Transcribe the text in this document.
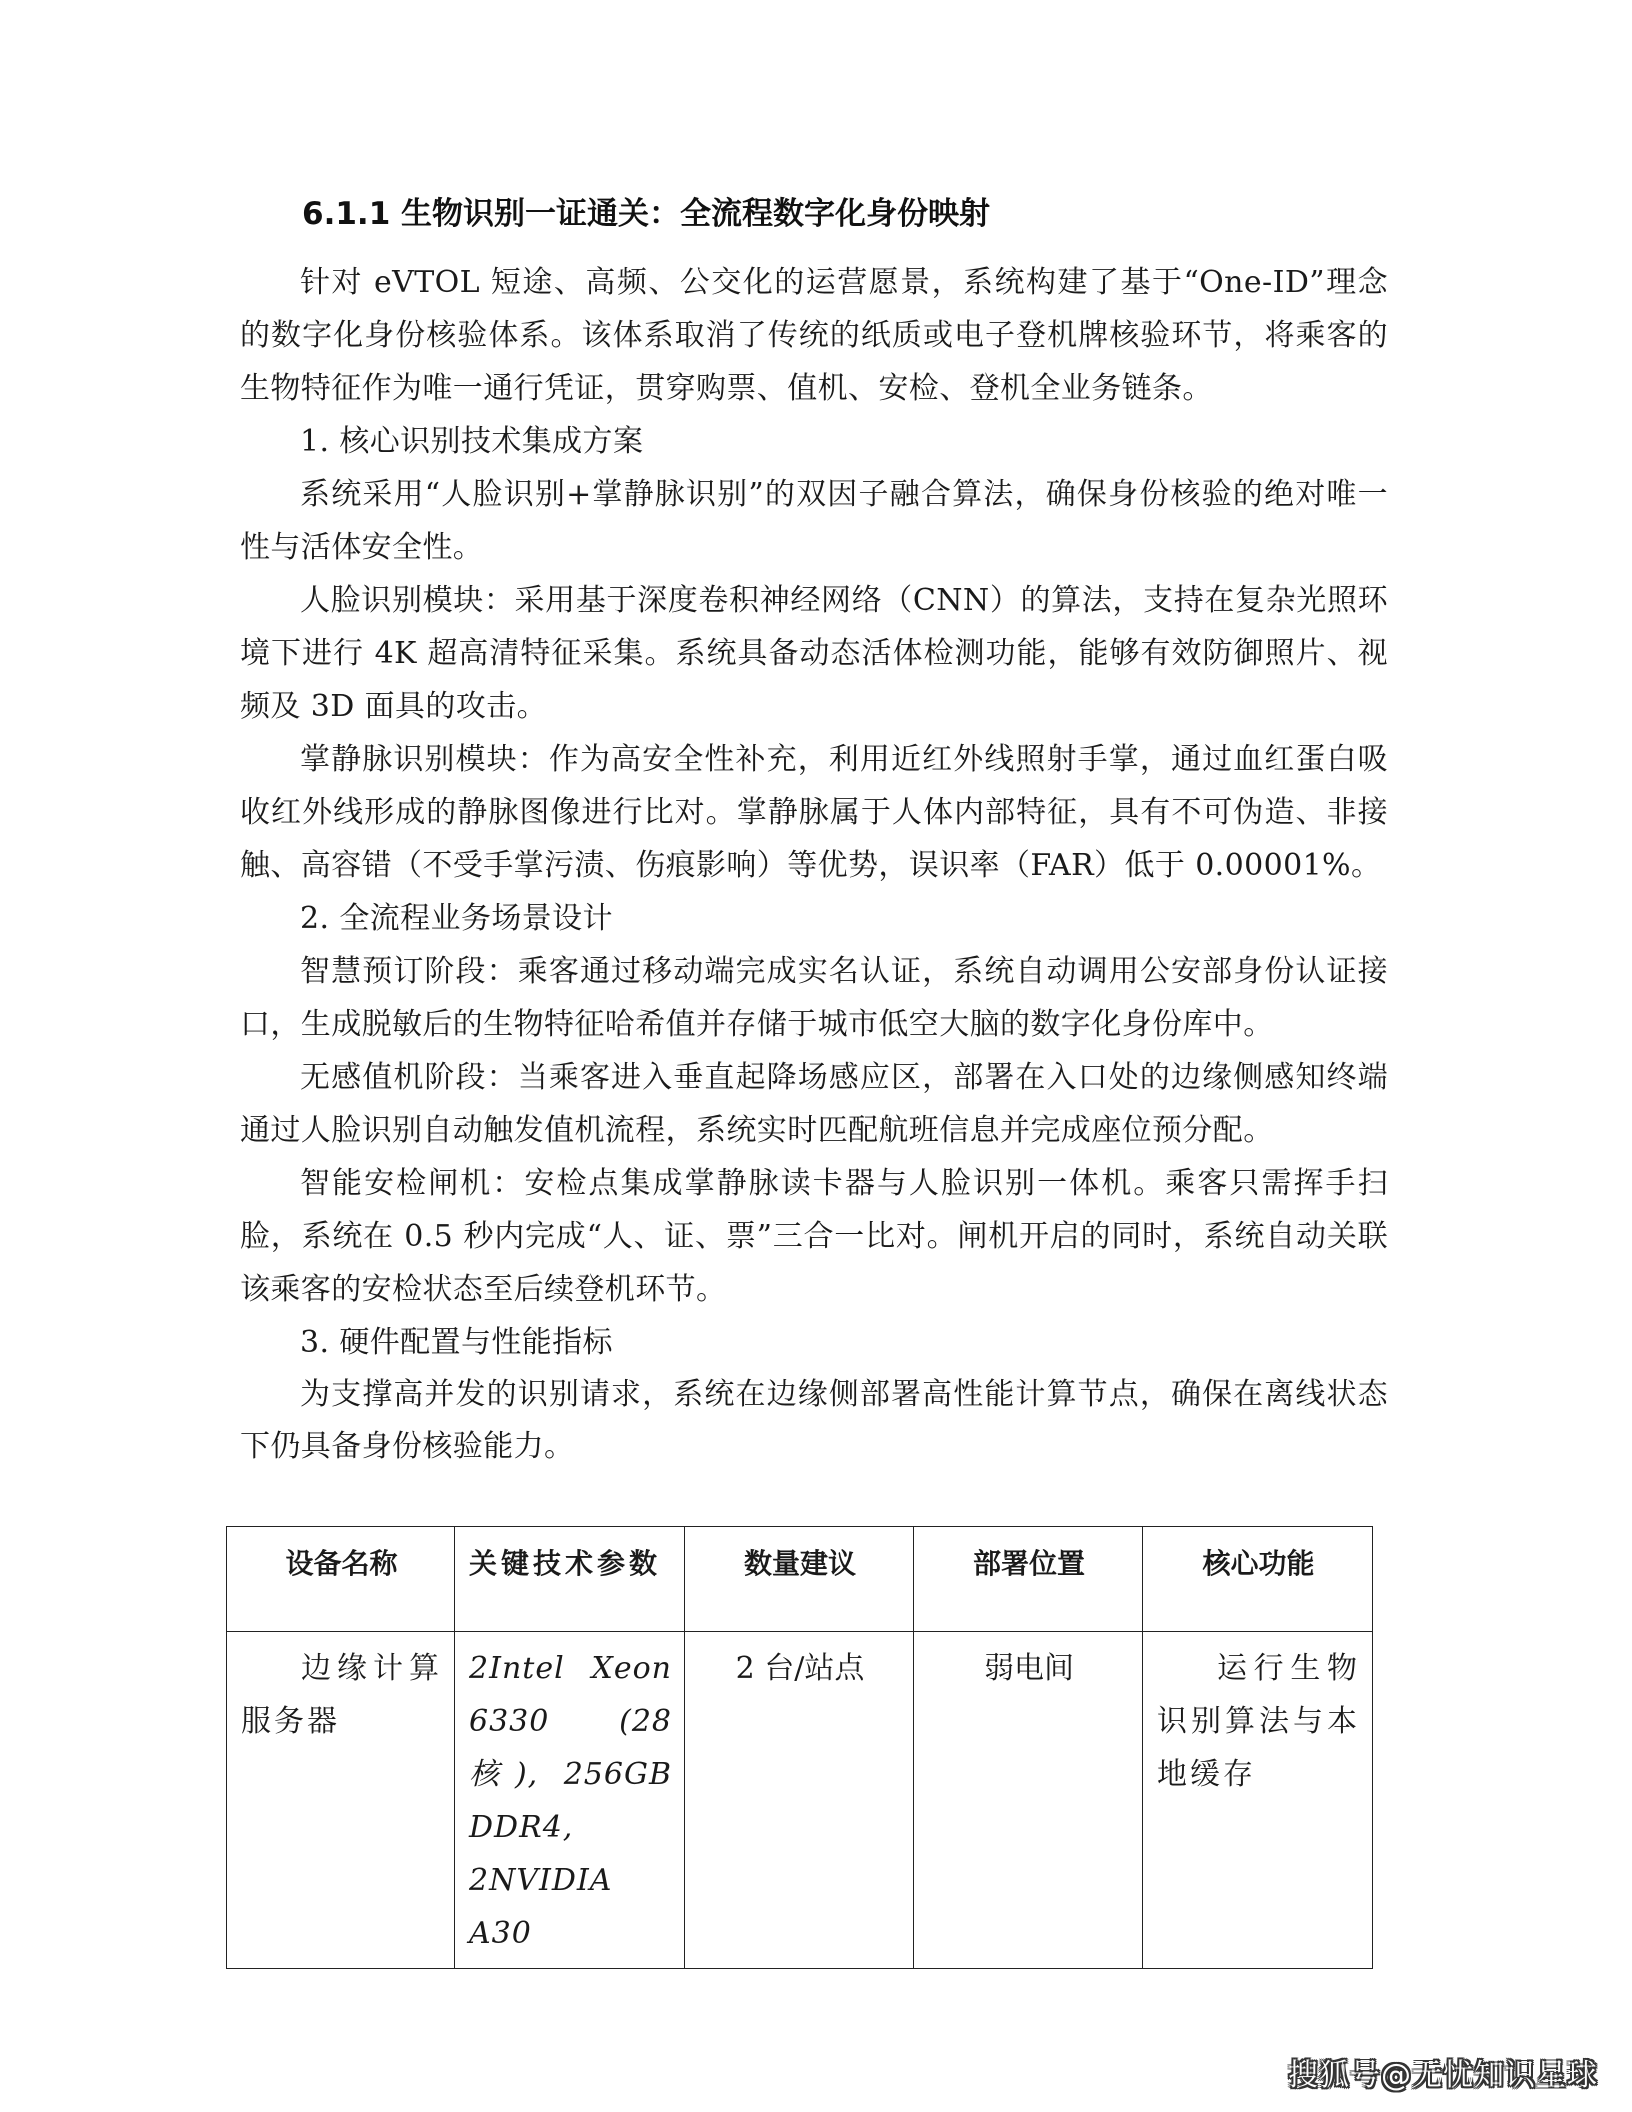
6.1.1 生物识别一证通关：全流程数字化身份映射

针对 eVTOL 短途、高频、公交化的运营愿景，系统构建了基于“One-ID”理念的数字化身份核验体系。该体系取消了传统的纸质或电子登机牌核验环节，将乘客的生物特征作为唯一通行凭证，贯穿购票、值机、安检、登机全业务链条。

1. 核心识别技术集成方案

系统采用“人脸识别+掌静脉识别”的双因子融合算法，确保身份核验的绝对唯一性与活体安全性。

人脸识别模块：采用基于深度卷积神经网络（CNN）的算法，支持在复杂光照环境下进行 4K 超高清特征采集。系统具备动态活体检测功能，能够有效防御照片、视频及 3D 面具的攻击。

掌静脉识别模块：作为高安全性补充，利用近红外线照射手掌，通过血红蛋白吸收红外线形成的静脉图像进行比对。掌静脉属于人体内部特征，具有不可伪造、非接触、高容错（不受手掌污渍、伤痕影响）等优势，误识率（FAR）低于 0.00001%。

2. 全流程业务场景设计

智慧预订阶段：乘客通过移动端完成实名认证，系统自动调用公安部身份认证接口，生成脱敏后的生物特征哈希值并存储于城市低空大脑的数字化身份库中。

无感值机阶段：当乘客进入垂直起降场感应区，部署在入口处的边缘侧感知终端通过人脸识别自动触发值机流程，系统实时匹配航班信息并完成座位预分配。

智能安检闸机：安检点集成掌静脉读卡器与人脸识别一体机。乘客只需挥手扫脸，系统在 0.5 秒内完成“人、证、票”三合一比对。闸机开启的同时，系统自动关联该乘客的安检状态至后续登机环节。

3. 硬件配置与性能指标

为支撑高并发的识别请求，系统在边缘侧部署高性能计算节点，确保在离线状态下仍具备身份核验能力。

设备名称	关键技术参数	数量建议	部署位置	核心功能
边缘计算服务器	2Intel Xeon 6330 (28 核), 256GB DDR4, 2NVIDIA A30	2 台/站点	弱电间	运行生物识别算法与本地缓存
搜狐号@无忧知识星球
